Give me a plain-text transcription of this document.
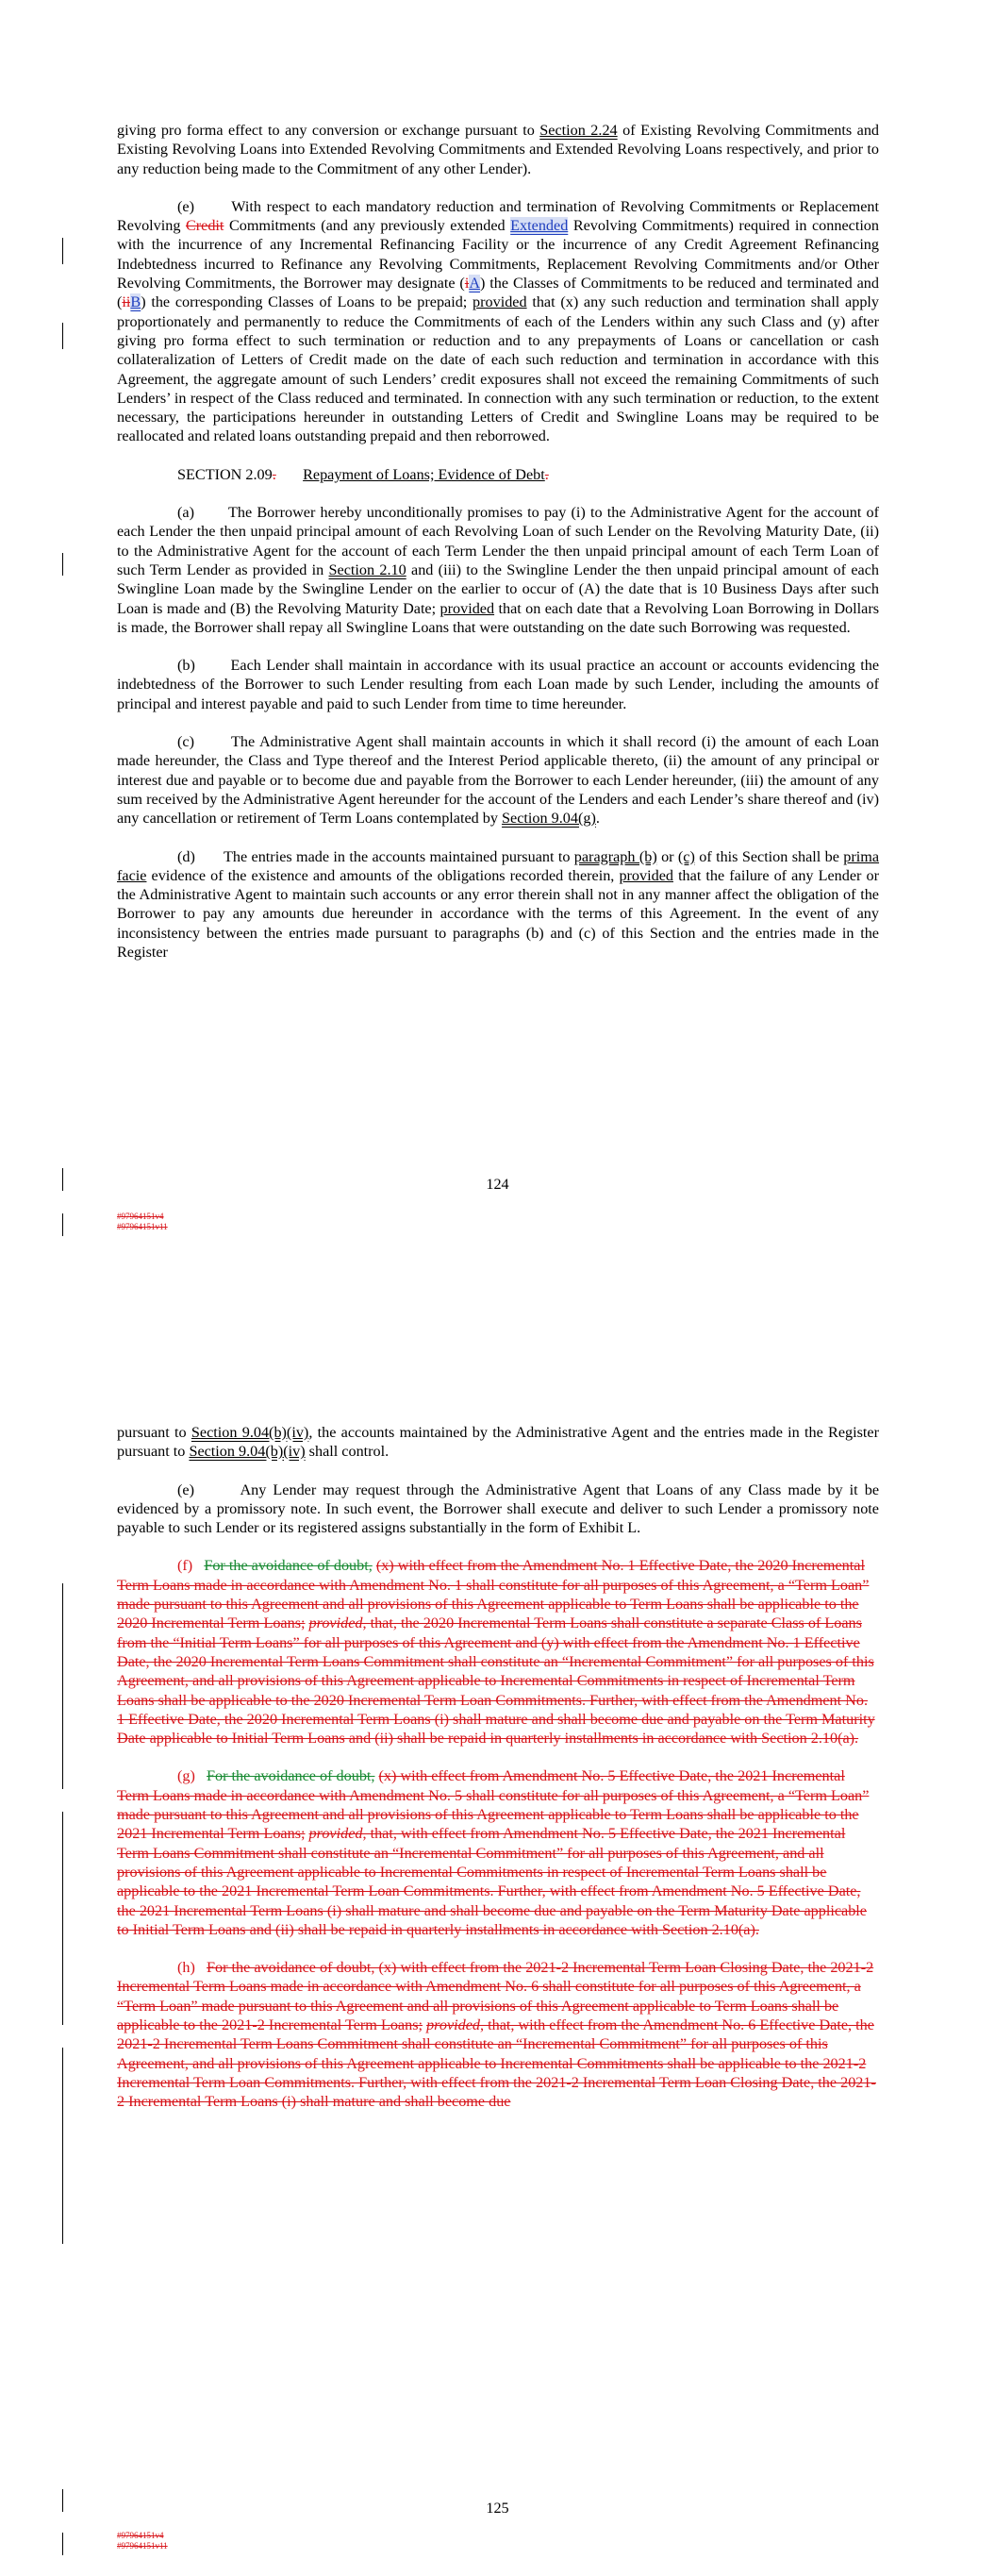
giving pro forma effect to any conversion or exchange pursuant to Section 2.24 of Existing Revolving Commitments and Existing Revolving Loans into Extended Revolving Commitments and Extended Revolving Loans respectively, and prior to any reduction being made to the Commitment of any other Lender).

(e) With respect to each mandatory reduction and termination of Revolving Commitments or Replacement Revolving Credit Commitments (and any previously extended Extended Revolving Commitments) required in connection with the incurrence of any Incremental Refinancing Facility or the incurrence of any Credit Agreement Refinancing Indebtedness incurred to Refinance any Revolving Commitments, Replacement Revolving Commitments and/or Other Revolving Commitments, the Borrower may designate (iA) the Classes of Commitments to be reduced and terminated and (iiB) the corresponding Classes of Loans to be prepaid; provided that (x) any such reduction and termination shall apply proportionately and permanently to reduce the Commitments of each of the Lenders within any such Class and (y) after giving pro forma effect to such termination or reduction and to any prepayments of Loans or cancellation or cash collateralization of Letters of Credit made on the date of each such reduction and termination in accordance with this Agreement, the aggregate amount of such Lenders’ credit exposures shall not exceed the remaining Commitments of such Lenders’ in respect of the Class reduced and terminated. In connection with any such termination or reduction, to the extent necessary, the participations hereunder in outstanding Letters of Credit and Swingline Loans may be required to be reallocated and related loans outstanding prepaid and then reborrowed.

SECTION 2.09. Repayment of Loans; Evidence of Debt.

(a) The Borrower hereby unconditionally promises to pay (i) to the Administrative Agent for the account of each Lender the then unpaid principal amount of each Revolving Loan of such Lender on the Revolving Maturity Date, (ii) to the Administrative Agent for the account of each Term Lender the then unpaid principal amount of each Term Loan of such Term Lender as provided in Section 2.10 and (iii) to the Swingline Lender the then unpaid principal amount of each Swingline Loan made by the Swingline Lender on the earlier to occur of (A) the date that is 10 Business Days after such Loan is made and (B) the Revolving Maturity Date; provided that on each date that a Revolving Loan Borrowing in Dollars is made, the Borrower shall repay all Swingline Loans that were outstanding on the date such Borrowing was requested.

(b) Each Lender shall maintain in accordance with its usual practice an account or accounts evidencing the indebtedness of the Borrower to such Lender resulting from each Loan made by such Lender, including the amounts of principal and interest payable and paid to such Lender from time to time hereunder.

(c) The Administrative Agent shall maintain accounts in which it shall record (i) the amount of each Loan made hereunder, the Class and Type thereof and the Interest Period applicable thereto, (ii) the amount of any principal or interest due and payable or to become due and payable from the Borrower to each Lender hereunder, (iii) the amount of any sum received by the Administrative Agent hereunder for the account of the Lenders and each Lender’s share thereof and (iv) any cancellation or retirement of Term Loans contemplated by Section 9.04(g).

(d) The entries made in the accounts maintained pursuant to paragraph (b) or (c) of this Section shall be prima facie evidence of the existence and amounts of the obligations recorded therein, provided that the failure of any Lender or the Administrative Agent to maintain such accounts or any error therein shall not in any manner affect the obligation of the Borrower to pay any amounts due hereunder in accordance with the terms of this Agreement. In the event of any inconsistency between the entries made pursuant to paragraphs (b) and (c) of this Section and the entries made in the Register

124
#97964151v4
#97964151v11

pursuant to Section 9.04(b)(iv), the accounts maintained by the Administrative Agent and the entries made in the Register pursuant to Section 9.04(b)(iv) shall control.

(e)	Any Lender may request through the Administrative Agent that Loans of any Class made by it be evidenced by a promissory note. In such event, the Borrower shall execute and deliver to such Lender a promissory note payable to such Lender or its registered assigns substantially in the form of Exhibit L.

(f) For the avoidance of doubt, (x) with effect from the Amendment No. 1 Effective Date, the 2020 Incremental Term Loans made in accordance with Amendment No. 1 shall constitute for all purposes of this Agreement, a “Term Loan” made pursuant to this Agreement and all provisions of this Agreement applicable to Term Loans shall be applicable to the 2020 Incremental Term Loans; provided, that, the 2020 Incremental Term Loans shall constitute a separate Class of Loans from the “Initial Term Loans” for all purposes of this Agreement and (y) with effect from the Amendment No. 1 Effective Date, the 2020 Incremental Term Loans Commitment shall constitute an “Incremental Commitment” for all purposes of this Agreement, and all provisions of this Agreement applicable to Incremental Commitments in respect of Incremental Term Loans shall be applicable to the 2020 Incremental Term Loan Commitments. Further, with effect from the Amendment No. 1 Effective Date, the 2020 Incremental Term Loans (i) shall mature and shall become due and payable on the Term Maturity Date applicable to Initial Term Loans and (ii) shall be repaid in quarterly installments in accordance with Section 2.10(a).

(g) For the avoidance of doubt, (x) with effect from Amendment No. 5 Effective Date, the 2021 Incremental Term Loans made in accordance with Amendment No. 5 shall constitute for all purposes of this Agreement, a “Term Loan” made pursuant to this Agreement and all provisions of this Agreement applicable to Term Loans shall be applicable to the 2021 Incremental Term Loans; provided, that, with effect from Amendment No. 5 Effective Date, the 2021 Incremental Term Loans Commitment shall constitute an “Incremental Commitment” for all purposes of this Agreement, and all provisions of this Agreement applicable to Incremental Commitments in respect of Incremental Term Loans shall be applicable to the 2021 Incremental Term Loan Commitments. Further, with effect from Amendment No. 5 Effective Date, the 2021 Incremental Term Loans (i) shall mature and shall become due and payable on the Term Maturity Date applicable to Initial Term Loans and (ii) shall be repaid in quarterly installments in accordance with Section 2.10(a).

(h) For the avoidance of doubt, (x) with effect from the 2021-2 Incremental Term Loan Closing Date, the 2021-2 Incremental Term Loans made in accordance with Amendment No. 6 shall constitute for all purposes of this Agreement, a “Term Loan” made pursuant to this Agreement and all provisions of this Agreement applicable to Term Loans shall be applicable to the 2021-2 Incremental Term Loans; provided, that, with effect from the Amendment No. 6 Effective Date, the 2021-2 Incremental Term Loans Commitment shall constitute an “Incremental Commitment” for all purposes of this Agreement, and all provisions of this Agreement applicable to Incremental Commitments shall be applicable to the 2021-2 Incremental Term Loan Commitments. Further, with effect from the 2021-2 Incremental Term Loan Closing Date, the 2021-2 Incremental Term Loans (i) shall mature and shall become due

125
#97964151v4
#97964151v11
